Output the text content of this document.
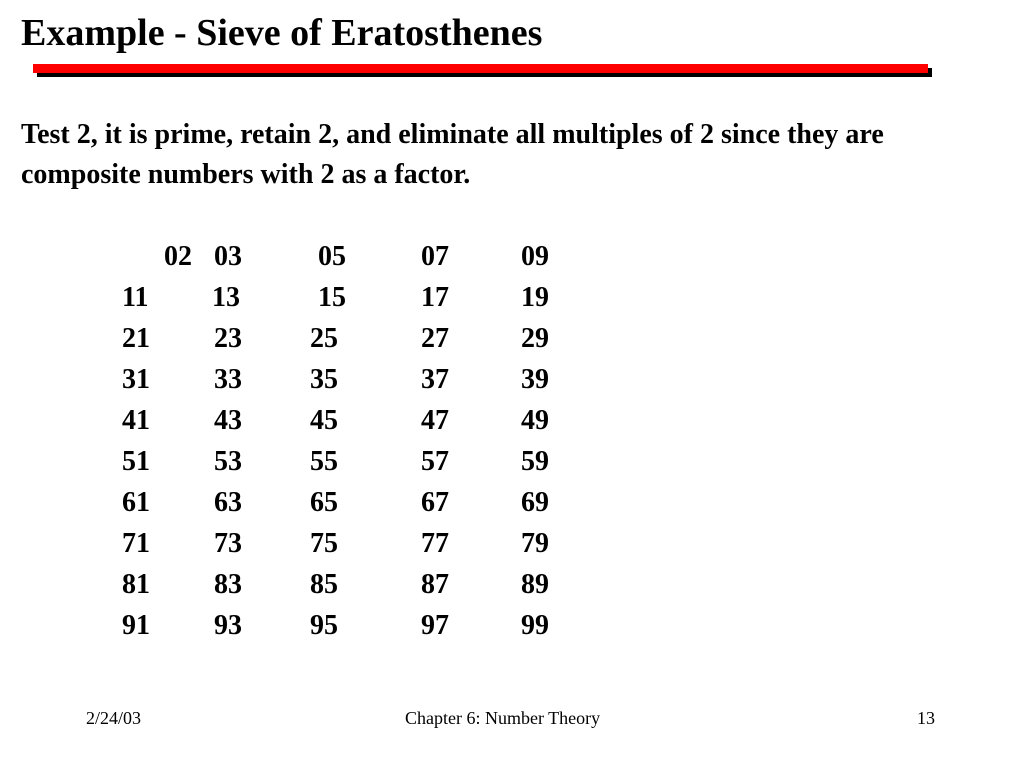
Example - Sieve of Eratosthenes

Test 2, it is prime, retain 2, and eliminate all multiples of 2 since they are composite numbers with 2 as a factor.

02 03	05	07	09
11 13	15	17	19
21 23 25	27	29
31 33 35	37	39
41 43 45	47	49
51 53 55	57	59
61 63 65	67	69
71 73 75	77	79
81 83 85	87	89
91 93 95	97	99
2/24/03	Chapter 6: Number Theory	13
